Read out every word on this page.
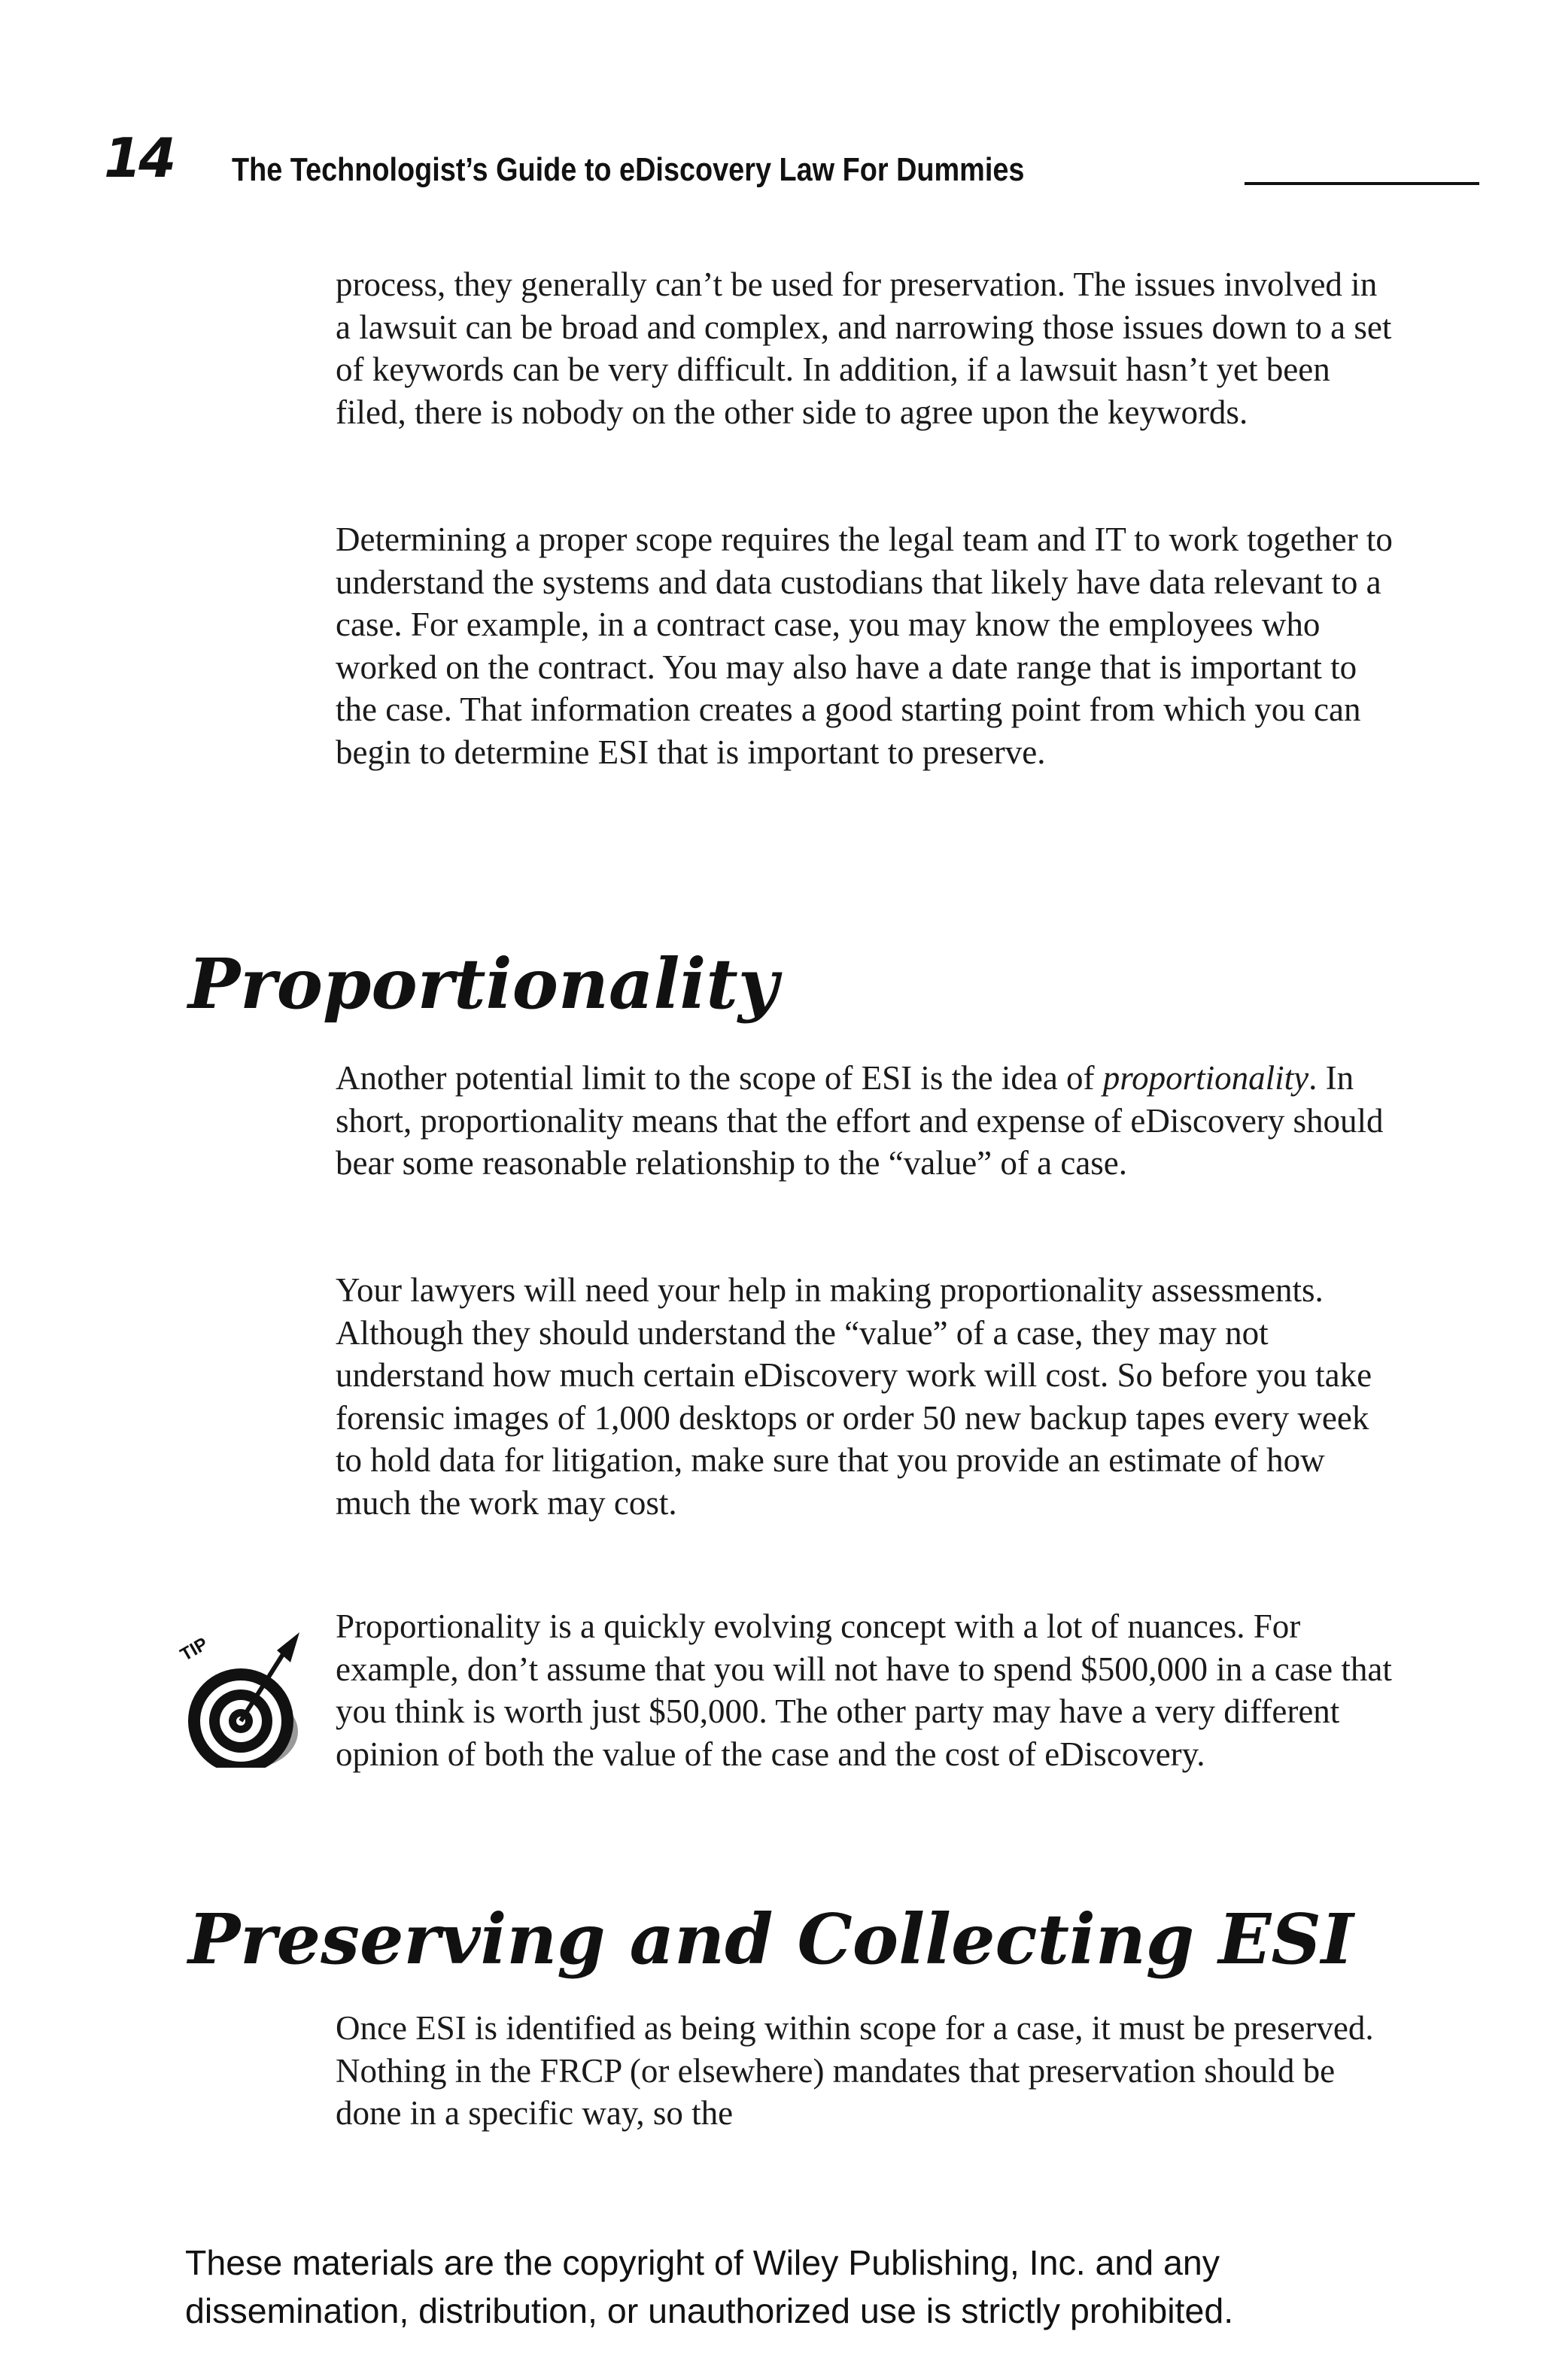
14 The Technologist’s Guide to eDiscovery Law For Dummies

process, they generally can’t be used for preservation. The issues involved in a lawsuit can be broad and complex, and narrowing those issues down to a set of keywords can be very difficult. In addition, if a lawsuit hasn’t yet been filed, there is nobody on the other side to agree upon the keywords.

Determining a proper scope requires the legal team and IT to work together to understand the systems and data custodians that likely have data relevant to a case. For example, in a contract case, you may know the employees who worked on the contract. You may also have a date range that is important to the case. That information creates a good starting point from which you can begin to determine ESI that is important to preserve.

Proportionality

Another potential limit to the scope of ESI is the idea of proportionality. In short, proportionality means that the effort and expense of eDiscovery should bear some reasonable relationship to the “value” of a case.

Your lawyers will need your help in making proportionality assessments. Although they should understand the “value” of a case, they may not understand how much certain eDiscovery work will cost. So before you take forensic images of 1,000 desktops or order 50 new backup tapes every week to hold data for litigation, make sure that you provide an estimate of how much the work may cost.

TIP

Proportionality is a quickly evolving concept with a lot of nuances. For example, don’t assume that you will not have to spend $500,000 in a case that you think is worth just $50,000. The other party may have a very different opinion of both the value of the case and the cost of eDiscovery.

Preserving and Collecting ESI

Once ESI is identified as being within scope for a case, it must be preserved. Nothing in the FRCP (or elsewhere) mandates that preservation should be done in a specific way, so the

These materials are the copyright of Wiley Publishing, Inc. and any

dissemination, distribution, or unauthorized use is strictly prohibited.
